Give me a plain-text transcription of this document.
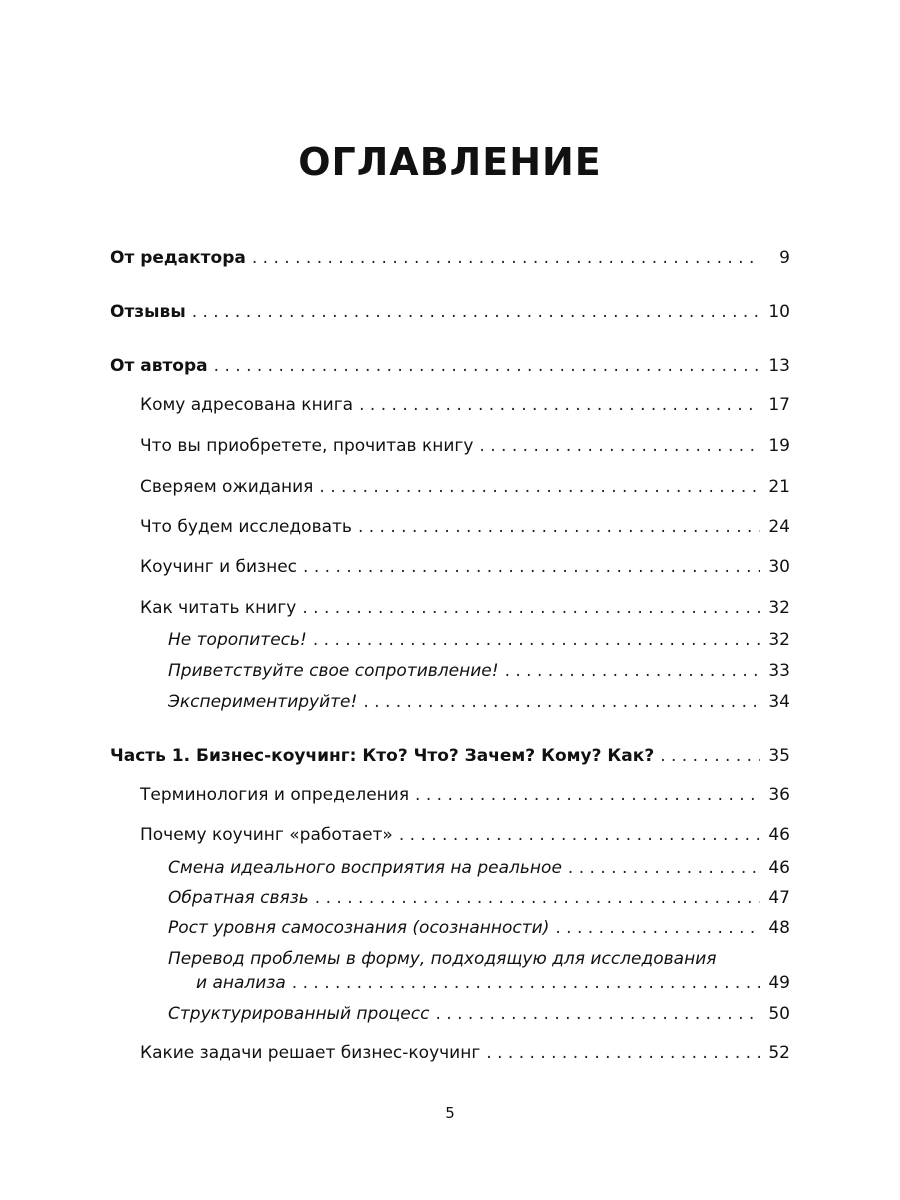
ОГЛАВЛЕНИЕ
От редактора . . .	9
Отзывы . . .	10
От автора . . .	13
Кому адресована книга . . .	17
Что вы приобретете, прочитав книгу . . .	19
Сверяем ожидания . . .	21
Что будем исследовать . . .	24
Коучинг и бизнес . . .	30
Как читать книгу . . .	32
Не торопитесь! . . .	32
Приветствуйте свое сопротивление! . . .	33
Экспериментируйте! . . .	34
Часть 1. Бизнес-коучинг: Кто? Что? Зачем? Кому? Как? . . .	35
Терминология и определения . . .	36
Почему коучинг «работает» . . .	46
Смена идеального восприятия на реальное . . .	46
Обратная связь . . .	47
Рост уровня самосознания (осознанности) . . .	48
Перевод проблемы в форму, подходящую для исследования
и анализа . . .	49
Структурированный процесс . . .	50
Какие задачи решает бизнес-коучинг . . .	52
5
